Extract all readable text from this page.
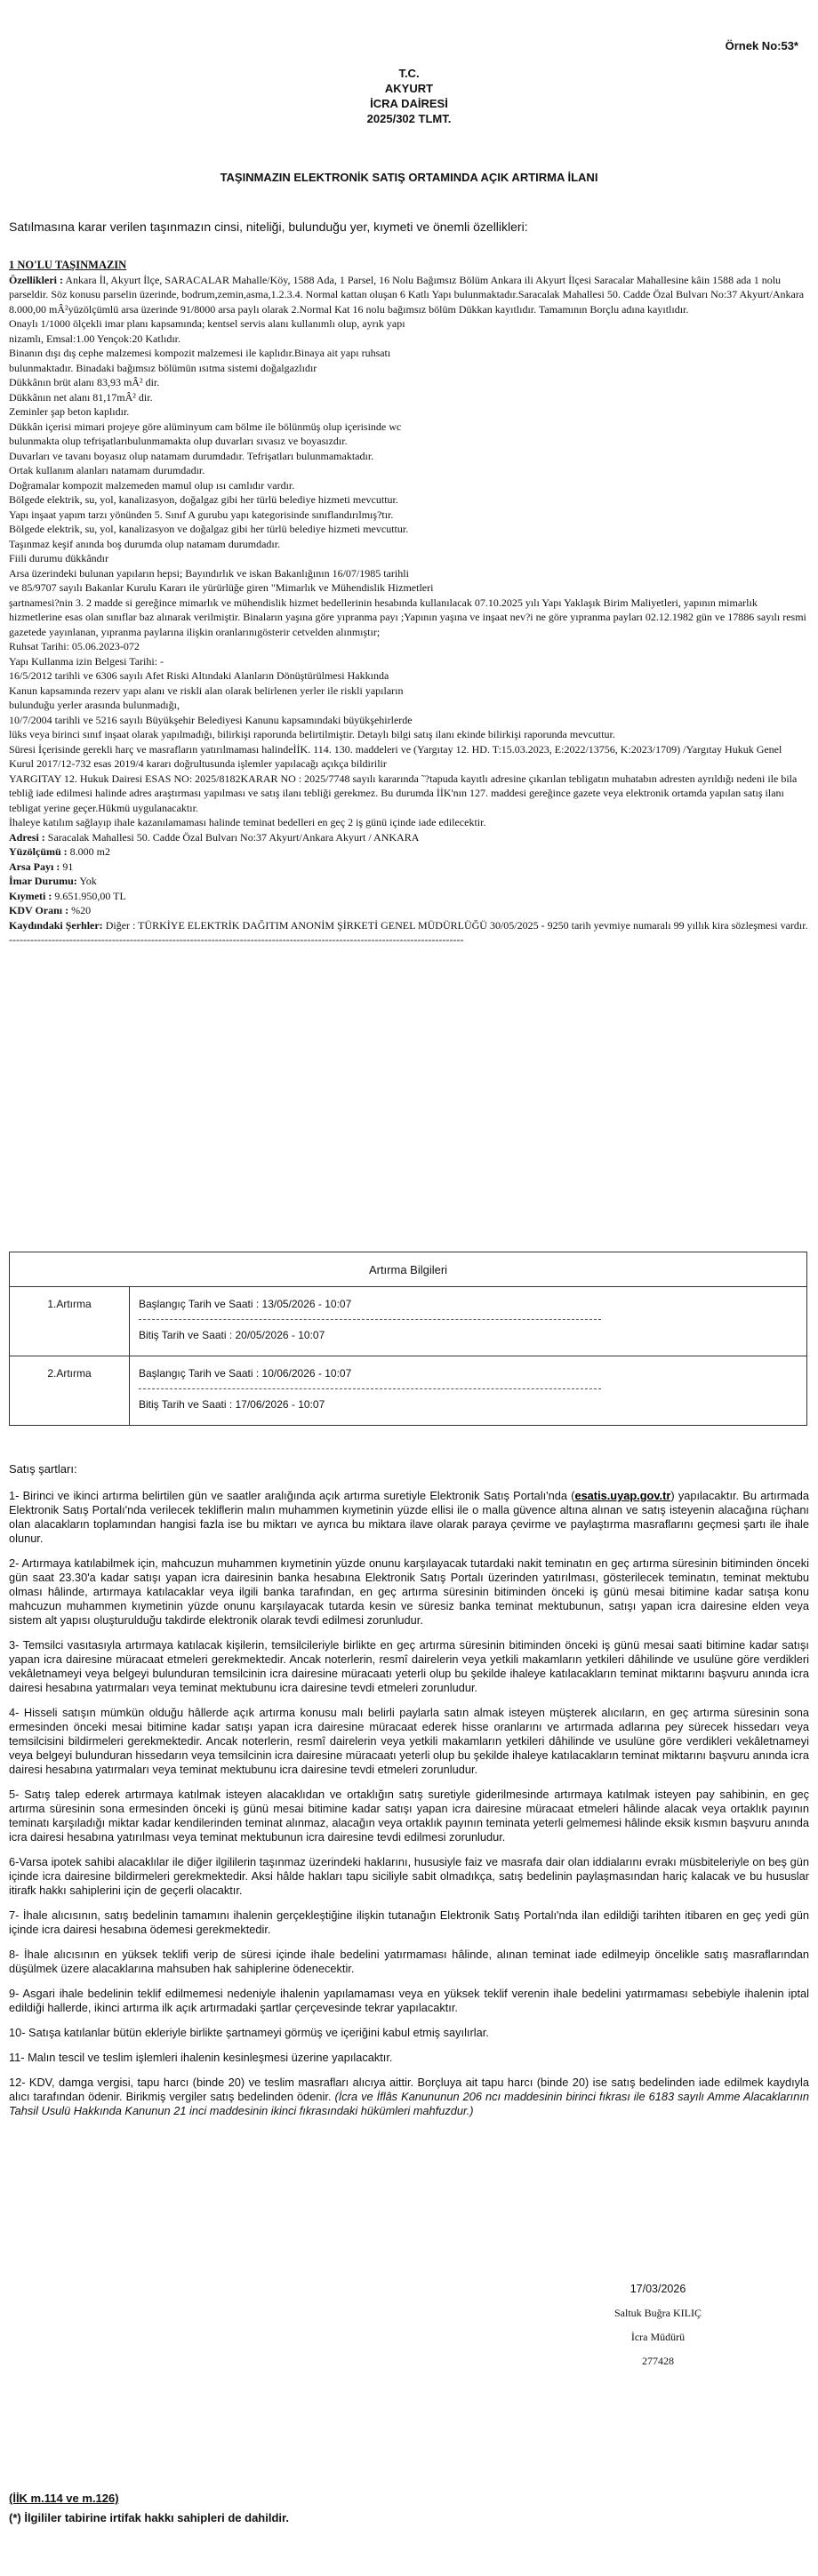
Örnek No:53*
T.C.
AKYURT
İCRA DAİRESİ
2025/302 TLMT.
TAŞINMAZIN ELEKTRONİK SATIŞ ORTAMINDA AÇIK ARTIRMA İLANI
Satılmasına karar verilen taşınmazın cinsi, niteliği, bulunduğu yer, kıymeti ve önemli özellikleri:
1 NO'LU TAŞINMAZIN

Özellikleri : Ankara İl, Akyurt İlçe, SARACALAR Mahalle/Köy, 1588 Ada, 1 Parsel, 16 Nolu Bağımsız Bölüm Ankara ili Akyurt İlçesi Saracalar Mahallesine kâin 1588 ada 1 nolu parseldir. Söz konusu parselin üzerinde, bodrum,zemin,asma,1.2.3.4. Normal kattan oluşan 6 Katlı Yapı bulunmaktadır.Saracalak Mahallesi 50. Cadde Özal Bulvarı No:37 Akyurt/Ankara

8.000,00 mÂ²yüzölçümlü arsa üzerinde 91/8000 arsa paylı olarak 2.Normal Kat 16 nolu bağımsız bölüm Dükkan kayıtlıdır. Tamamının Borçlu adına kayıtlıdır.

Onaylı 1/1000 ölçekli imar planı kapsamında; kentsel servis alanı kullanımlı olup, ayrık yapı

nizamlı, Emsal:1.00 Yençok:20 Katlıdır.

Binanın dışı dış cephe malzemesi kompozit malzemesi ile kaplıdır.Binaya ait yapı ruhsatı

bulunmaktadır. Binadaki bağımsız bölümün ısıtma sistemi doğalgazlıdır

Dükkânın brüt alanı 83,93 mÂ² dir.

Dükkânın net alanı 81,17mÂ² dir.

Zeminler şap beton kaplıdır.

Dükkân içerisi mimari projeye göre alüminyum cam bölme ile bölünmüş olup içerisinde wc

bulunmakta olup tefrişatlarıbulunmamakta olup duvarları sıvasız ve boyasızdır.

Duvarları ve tavanı boyasız olup natamam durumdadır. Tefrişatları bulunmamaktadır.

Ortak kullanım alanları natamam durumdadır.

Doğramalar kompozit malzemeden mamul olup ısı camlıdır vardır.

Bölgede elektrik, su, yol, kanalizasyon, doğalgaz gibi her türlü belediye hizmeti mevcuttur.

Yapı inşaat yapım tarzı yönünden 5. Sınıf A gurubu yapı kategorisinde sınıflandırılmış?tır.

Bölgede elektrik, su, yol, kanalizasyon ve doğalgaz gibi her türlü belediye hizmeti mevcuttur.

Taşınmaz keşif anında boş durumda olup natamam durumdadır.

Fiili durumu dükkândır

Arsa üzerindeki bulunan yapıların hepsi; Bayındırlık ve iskan Bakanlığının 16/07/1985 tarihli

ve 85/9707 sayılı Bakanlar Kurulu Kararı ile yürürlüğe giren "Mimarlık ve Mühendislik Hizmetleri

şartnamesi?nin 3. 2 madde si gereğince mimarlık ve mühendislik hizmet bedellerinin hesabında kullanılacak 07.10.2025 yılı Yapı Yaklaşık Birim Maliyetleri, yapının mimarlık hizmetlerine esas olan sınıflar baz alınarak verilmiştir. Binaların yaşına göre yıpranma payı ;Yapının yaşına ve inşaat nev?i ne göre yıpranma payları 02.12.1982 gün ve 17886 sayılı resmi gazetede yayınlanan, yıpranma paylarına ilişkin oranlarınıgösterir cetvelden alınmıştır;

Ruhsat Tarihi: 05.06.2023-072

Yapı Kullanma izin Belgesi Tarihi: -

16/5/2012 tarihli ve 6306 sayılı Afet Riski Altındaki Alanların Dönüştürülmesi Hakkında

Kanun kapsamında rezerv yapı alanı ve riskli alan olarak belirlenen yerler ile riskli yapıların

bulunduğu yerler arasında bulunmadığı,

10/7/2004 tarihli ve 5216 sayılı Büyükşehir Belediyesi Kanunu kapsamındaki büyükşehirlerde

lüks veya birinci sınıf inşaat olarak yapılmadığı, bilirkişi raporunda belirtilmiştir. Detaylı bilgi satış ilanı ekinde bilirkişi raporunda mevcuttur.

Süresi İçerisinde gerekli harç ve masrafların yatırılmaması halindeİİK. 114. 130. maddeleri ve (Yargıtay 12. HD. T:15.03.2023, E:2022/13756, K:2023/1709) /Yargıtay Hukuk Genel Kurul 2017/12-732 esas 2019/4 kararı doğrultusunda işlemler yapılacağı açıkça bildirilir

YARGITAY 12. Hukuk Dairesi ESAS NO: 2025/8182KARAR NO : 2025/7748 sayılı kararında ˜?tapuda kayıtlı adresine çıkarılan tebligatın muhatabın adresten ayrıldığı nedeni ile bila tebliğ iade edilmesi halinde adres araştırması yapılması ve satış ilanı tebliği gerekmez. Bu durumda İİK'nın 127. maddesi gereğince gazete veya elektronik ortamda yapılan satış ilanı tebligat yerine geçer.Hükmü uygulanacaktır.

İhaleye katılım sağlayıp ihale kazanılamaması halinde teminat bedelleri en geç 2 iş günü içinde iade edilecektir.

Adresi : Saracalak Mahallesi 50. Cadde Özal Bulvarı No:37 Akyurt/Ankara Akyurt / ANKARA

Yüzölçümü : 8.000 m2

Arsa Payı : 91

İmar Durumu: Yok

Kıymeti : 9.651.950,00 TL

KDV Oranı : %20

Kaydındaki Şerhler: Diğer : TÜRKİYE ELEKTRİK DAĞITIM ANONİM ŞİRKETİ GENEL MÜDÜRLÜĞÜ 30/05/2025 - 9250 tarih yevmiye numaralı 99 yıllık kira sözleşmesi vardır.

--------------------------------------------------------------------------------------------------------------------------------

Artırma Bilgileri	
1.Artırma	Başlangıç Tarih ve Saati : 13/05/2026 - 10:07
Bitiş Tarih ve Saati : 20/05/2026 - 10:07

2.Artırma	Başlangıç Tarih ve Saati : 10/06/2026 - 10:07
Bitiş Tarih ve Saati : 17/06/2026 - 10:07
Satış şartları:

1- Birinci ve ikinci artırma belirtilen gün ve saatler aralığında açık artırma suretiyle Elektronik Satış Portalı'nda (esatis.uyap.gov.tr) yapılacaktır. Bu artırmada Elektronik Satış Portalı'nda verilecek tekliflerin malın muhammen kıymetinin yüzde ellisi ile o malla güvence altına alınan ve satış isteyenin alacağına rüçhanı olan alacakların toplamından hangisi fazla ise bu miktarı ve ayrıca bu miktara ilave olarak paraya çevirme ve paylaştırma masraflarını geçmesi şartı ile ihale olunur.

2- Artırmaya katılabilmek için, mahcuzun muhammen kıymetinin yüzde onunu karşılayacak tutardaki nakit teminatın en geç artırma süresinin bitiminden önceki gün saat 23.30'a kadar satışı yapan icra dairesinin banka hesabına Elektronik Satış Portalı üzerinden yatırılması, gösterilecek teminatın, teminat mektubu olması hâlinde, artırmaya katılacaklar veya ilgili banka tarafından, en geç artırma süresinin bitiminden önceki iş günü mesai bitimine kadar satışa konu mahcuzun muhammen kıymetinin yüzde onunu karşılayacak tutarda kesin ve süresiz banka teminat mektubunun, satışı yapan icra dairesine elden veya sistem alt yapısı oluşturulduğu takdirde elektronik olarak tevdi edilmesi zorunludur.

3- Temsilci vasıtasıyla artırmaya katılacak kişilerin, temsilcileriyle birlikte en geç artırma süresinin bitiminden önceki iş günü mesai saati bitimine kadar satışı yapan icra dairesine müracaat etmeleri gerekmektedir. Ancak noterlerin, resmî dairelerin veya yetkili makamların yetkileri dâhilinde ve usulüne göre verdikleri vekâletnameyi veya belgeyi bulunduran temsilcinin icra dairesine müracaatı yeterli olup bu şekilde ihaleye katılacakların teminat miktarını başvuru anında icra dairesi hesabına yatırmaları veya teminat mektubunu icra dairesine tevdi etmeleri zorunludur.

4- Hisseli satışın mümkün olduğu hâllerde açık artırma konusu malı belirli paylarla satın almak isteyen müşterek alıcıların, en geç artırma süresinin sona ermesinden önceki mesai bitimine kadar satışı yapan icra dairesine müracaat ederek hisse oranlarını ve artırmada adlarına pey sürecek hissedarı veya temsilcisini bildirmeleri gerekmektedir. Ancak noterlerin, resmî dairelerin veya yetkili makamların yetkileri dâhilinde ve usulüne göre verdikleri vekâletnameyi veya belgeyi bulunduran hissedarın veya temsilcinin icra dairesine müracaatı yeterli olup bu şekilde ihaleye katılacakların teminat miktarını başvuru anında icra dairesi hesabına yatırmaları veya teminat mektubunu icra dairesine tevdi etmeleri zorunludur.

5- Satış talep ederek artırmaya katılmak isteyen alacaklıdan ve ortaklığın satış suretiyle giderilmesinde artırmaya katılmak isteyen pay sahibinin, en geç artırma süresinin sona ermesinden önceki iş günü mesai bitimine kadar satışı yapan icra dairesine müracaat etmeleri hâlinde alacak veya ortaklık payının teminatı karşıladığı miktar kadar kendilerinden teminat alınmaz, alacağın veya ortaklık payının teminata yeterli gelmemesi hâlinde eksik kısmın başvuru anında icra dairesi hesabına yatırılması veya teminat mektubunun icra dairesine tevdi edilmesi zorunludur.

6-Varsa ipotek sahibi alacaklılar ile diğer ilgililerin taşınmaz üzerindeki haklarını, hususiyle faiz ve masrafa dair olan iddialarını evrakı müsbiteleriyle on beş gün içinde icra dairesine bildirmeleri gerekmektedir. Aksi hâlde hakları tapu siciliyle sabit olmadıkça, satış bedelinin paylaşmasından hariç kalacak ve bu hususlar itirafk hakkı sahiplerini için de geçerli olacaktır.

7- İhale alıcısının, satış bedelinin tamamını ihalenin gerçekleştiğine ilişkin tutanağın Elektronik Satış Portalı'nda ilan edildiği tarihten itibaren en geç yedi gün içinde icra dairesi hesabına ödemesi gerekmektedir.

8- İhale alıcısının en yüksek teklifi verip de süresi içinde ihale bedelini yatırmaması hâlinde, alınan teminat iade edilmeyip öncelikle satış masraflarından düşülmek üzere alacaklarına mahsuben hak sahiplerine ödenecektir.

9- Asgari ihale bedelinin teklif edilmemesi nedeniyle ihalenin yapılamaması veya en yüksek teklif verenin ihale bedelini yatırmaması sebebiyle ihalenin iptal edildiği hallerde, ikinci artırma ilk açık artırmadaki şartlar çerçevesinde tekrar yapılacaktır.

10- Satışa katılanlar bütün ekleriyle birlikte şartnameyi görmüş ve içeriğini kabul etmiş sayılırlar.

11- Malın tescil ve teslim işlemleri ihalenin kesinleşmesi üzerine yapılacaktır.

12- KDV, damga vergisi, tapu harcı (binde 20) ve teslim masrafları alıcıya aittir. Borçluya ait tapu harcı (binde 20) ise satış bedelinden iade edilmek kaydıyla alıcı tarafından ödenir. Birikmiş vergiler satış bedelinden ödenir. (İcra ve İflâs Kanununun 206 ncı maddesinin birinci fıkrası ile 6183 sayılı Amme Alacaklarının Tahsil Usulü Hakkında Kanunun 21 inci maddesinin ikinci fıkrasındaki hükümleri mahfuzdur.)

17/03/2026
Saltuk Buğra KILIÇ
İcra Müdürü
277428
(İİK m.114 ve m.126)
(*) İlgililer tabirine irtifak hakkı sahipleri de dahildir.
